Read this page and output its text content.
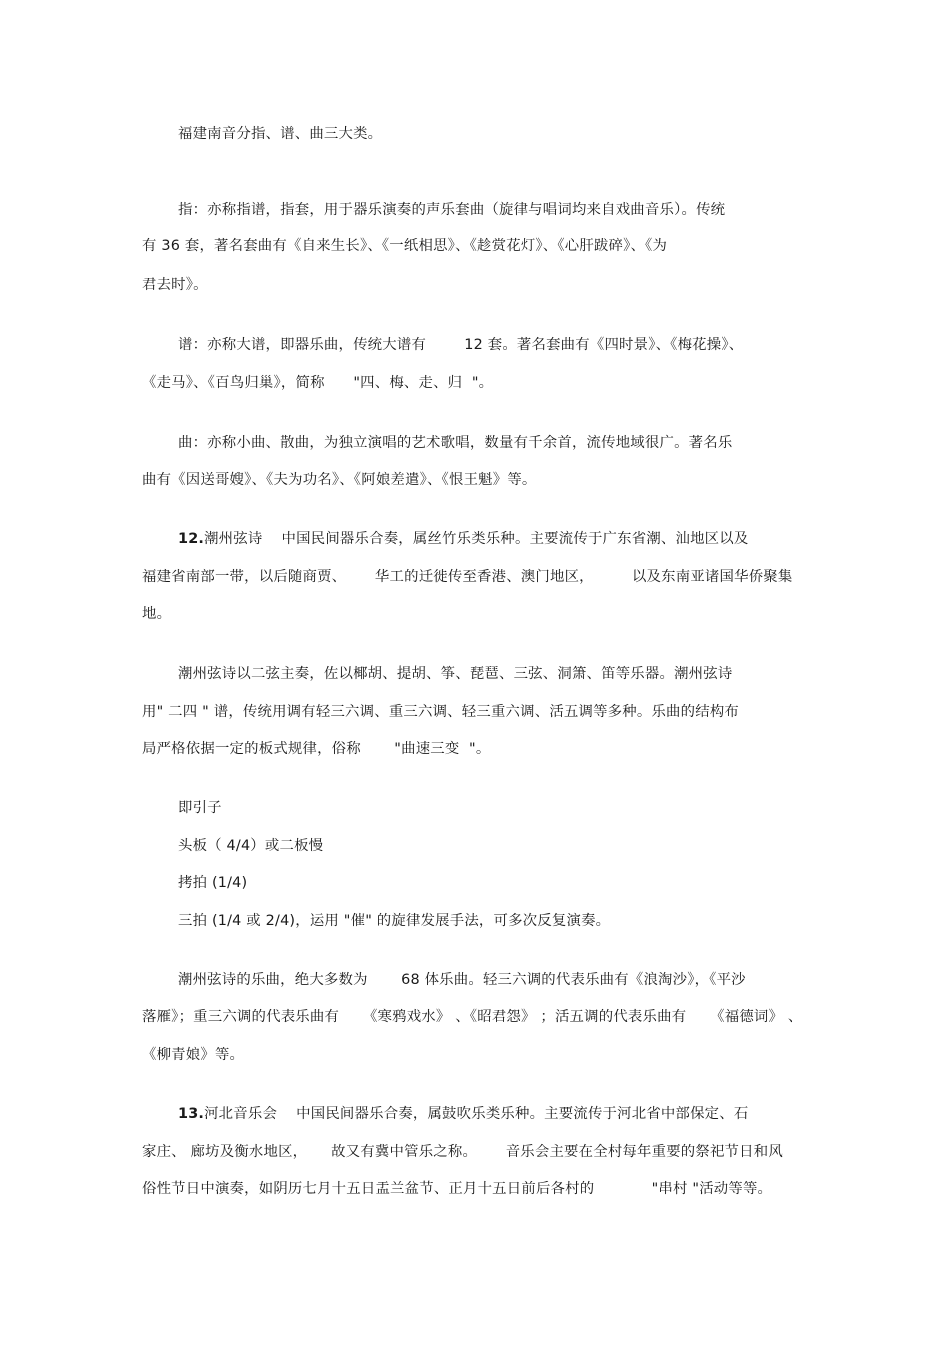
福建南音分指、谱、曲三大类。
指：亦称指谱，指套，用于器乐演奏的声乐套曲（旋律与唱词均来自戏曲音乐）。传统
有 36 套，著名套曲有《自来生长》、《一纸相思》、《趁赏花灯》、《心肝跋碎》、《为
君去时》。
谱：亦称大谱，即器乐曲，传统大谱有        12 套。著名套曲有《四时景》、《梅花操》、
《走马》、《百鸟归巢》，简称      "四、梅、走、归  "。
曲：亦称小曲、散曲，为独立演唱的艺术歌唱，数量有千余首，流传地域很广。著名乐
曲有《因送哥嫂》、《夫为功名》、《阿娘差遣》、《恨王魁》等。
12.潮州弦诗    中国民间器乐合奏，属丝竹乐类乐种。主要流传于广东省潮、汕地区以及
福建省南部一带，以后随商贾、      华工的迁徙传至香港、澳门地区，        以及东南亚诸国华侨聚集
地。
潮州弦诗以二弦主奏，佐以椰胡、提胡、筝、琵琶、三弦、洞箫、笛等乐器。潮州弦诗
用" 二四 " 谱，传统用调有轻三六调、重三六调、轻三重六调、活五调等多种。乐曲的结构布
局严格依据一定的板式规律，俗称       "曲速三变  "。
即引子
头板（ 4/4）或二板慢
拷拍 (1/4)
三拍 (1/4 或 2/4)，运用 "催" 的旋律发展手法，可多次反复演奏。
潮州弦诗的乐曲，绝大多数为       68 体乐曲。轻三六调的代表乐曲有《浪淘沙》，《平沙
落雁》；重三六调的代表乐曲有     《寒鸦戏水》 、《昭君怨》 ；活五调的代表乐曲有     《福德词》 、
《柳青娘》等。
13.河北音乐会    中国民间器乐合奏，属鼓吹乐类乐种。主要流传于河北省中部保定、石
家庄、 廊坊及衡水地区，     故又有冀中管乐之称。      音乐会主要在全村每年重要的祭祀节日和风
俗性节日中演奏，如阴历七月十五日盂兰盆节、正月十五日前后各村的            "串村 "活动等等。
